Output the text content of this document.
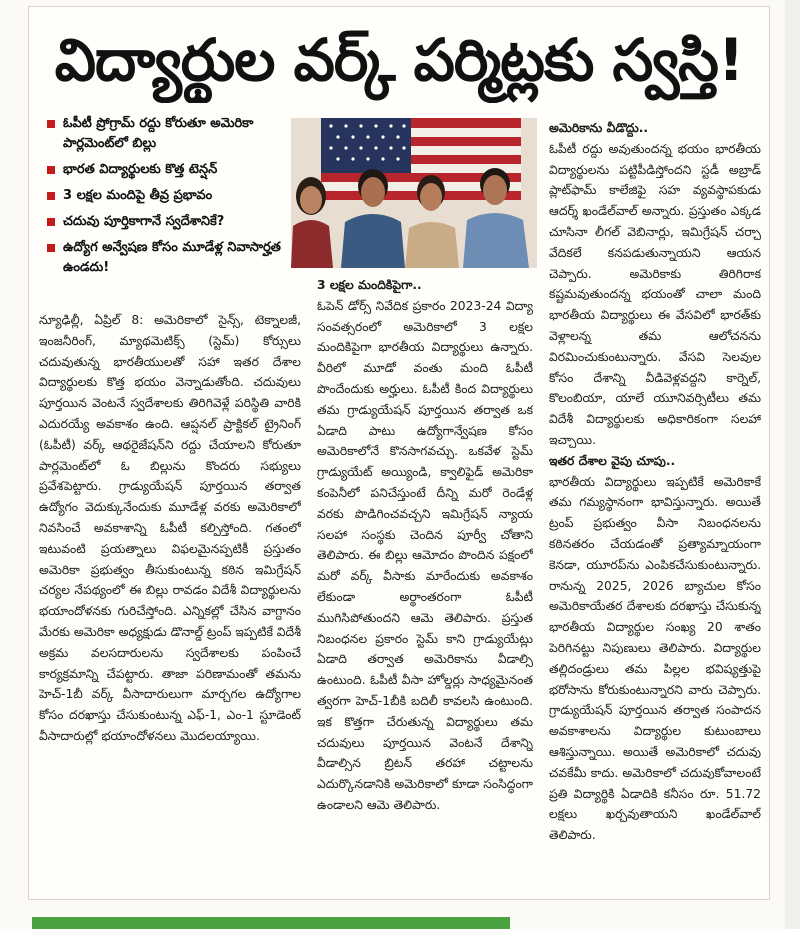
విద్యార్థుల వర్క్ పర్మిట్లకు స్వస్తి!
ఓపీటీ ప్రోగ్రామ్ రద్దు కోరుతూ అమెరికా పార్లమెంట్‌లో బిల్లు
భారత విద్యార్థులకు కొత్త టెన్షన్
3 లక్షల మందిపై తీవ్ర ప్రభావం
చదువు పూర్తికాగానే స్వదేశానికే?
ఉద్యోగ అన్వేషణ కోసం మూడేళ్ల నివాసార్హత ఉండదు!

న్యూఢిల్లీ, ఏప్రిల్ 8: అమెరికాలో సైన్స్, టెక్నాలజీ, ఇంజనీరింగ్, మ్యాథమెటిక్స్ (స్టెమ్) కోర్సులు చదువుతున్న భారతీయులతో సహా ఇతర దేశాల విద్యార్థులకు కొత్త భయం వెన్నాడుతోంది. చదువులు పూర్తయిన వెంటనే స్వదేశాలకు తిరిగివెళ్లే పరిస్థితి వారికి ఎదురయ్యే అవకాశం ఉంది. ఆప్షనల్ ప్రాక్టికల్ ట్రైనింగ్ (ఓపీటీ) వర్క్ ఆథరైజేషన్‌ని రద్దు చేయాలని కోరుతూ పార్లమెంట్‌లో ఓ బిల్లును కొందరు సభ్యులు ప్రవేశపెట్టారు. గ్రాడ్యుయేషన్ పూర్తయిన తర్వాత ఉద్యోగం వెదుక్కునేందుకు మూడేళ్ల వరకు అమెరికాలో నివసించే అవకాశాన్ని ఓపీటీ కల్పిస్తోంది. గతంలో ఇటువంటి ప్రయత్నాలు విఫలమైనప్పటికీ ప్రస్తుతం అమెరికా ప్రభుత్వం తీసుకుంటున్న కఠిన ఇమిగ్రేషన్ చర్యల నేపథ్యంలో ఈ బిల్లు రావడం విదేశీ విద్యార్థులను భయాందోళనకు గురిచేస్తోంది. ఎన్నికల్లో చేసిన వాగ్దానం మేరకు అమెరికా అధ్యక్షుడు డొనాల్డ్ ట్రంప్ ఇప్పటికే విదేశీ అక్రమ వలసదారులను స్వదేశాలకు పంపించే కార్యక్రమాన్ని చేపట్టారు. తాజా పరిణామంతో తమను హెచ్-1బీ వర్క్ వీసాదారులుగా మార్చగల ఉద్యోగాల కోసం దరఖాస్తు చేసుకుంటున్న ఎఫ్-1, ఎం-1 స్టూడెంట్ వీసాదారుల్లో భయాందోళనలు మొదలయ్యాయి.

3 లక్షల మందికిపైగా..

ఓపెన్ డోర్స్ నివేదిక ప్రకారం 2023-24 విద్యా సంవత్సరంలో అమెరికాలో 3 లక్షల మందికిపైగా భారతీయ విద్యార్థులు ఉన్నారు. వీరిలో మూడో వంతు మంది ఓపీటీ పొందేందుకు అర్హులు. ఓపీటీ కింద విద్యార్థులు తమ గ్రాడ్యుయేషన్ పూర్తయిన తర్వాత ఒక ఏడాది పాటు ఉద్యోగాన్వేషణ కోసం అమెరికాలోనే కొనసాగవచ్చు. ఒకవేళ స్టెమ్ గ్రాడ్యుయేట్ అయ్యిండి, క్వాలిఫైడ్ అమెరికా కంపెనీలో పనిచేస్తుంటే దీన్ని మరో రెండేళ్ల వరకు పొడిగించవచ్చని ఇమిగ్రేషన్ న్యాయ సలహా సంస్థకు చెందిన పూర్వీ చోతాని తెలిపారు. ఈ బిల్లు ఆమోదం పొందిన పక్షంలో మరో వర్క్ వీసాకు మారేందుకు అవకాశం లేకుండా అర్థాంతరంగా ఓపీటీ ముగిసిపోతుందని ఆమె తెలిపారు. ప్రస్తుత నిబంధనల ప్రకారం స్టెమ్ కాని గ్రాడ్యుయేట్లు ఏడాది తర్వాత అమెరికాను వీడాల్సి ఉంటుంది. ఓపీటీ వీసా హోల్డర్లు సాధ్యమైనంత త్వరగా హెచ్-1బీకి బదిలీ కావలసి ఉంటుంది. ఇక కొత్తగా చేరుతున్న విద్యార్థులు తమ చదువులు పూర్తయిన వెంటనే దేశాన్ని వీడాల్సిన బ్రిటన్ తరహా చట్టాలను ఎదుర్కొనడానికి అమెరికాలో కూడా సంసిద్ధంగా ఉండాలని ఆమె తెలిపారు.

అమెరికాను వీడొద్దు..

ఓపీటీ రద్దు అవుతుందన్న భయం భారతీయ విద్యార్థులను పట్టిపీడిస్తోందని స్టడీ అబ్రాడ్ ప్లాట్‌ఫామ్ కాలేజిఫై సహ వ్యవస్థాపకుడు ఆదర్శ్ ఖండేల్‌వాల్ అన్నారు. ప్రస్తుతం ఎక్కడ చూసినా లీగల్ వెబినార్లు, ఇమిగ్రేషన్ చర్చా వేదికలే కనపడుతున్నాయని ఆయన చెప్పారు. అమెరికాకు తిరిగిరాక కష్టమవుతుందన్న భయంతో చాలా మంది భారతీయ విద్యార్థులు ఈ వేసవిలో భారత్‌కు వెళ్లాలన్న తమ ఆలోచనను విరమించుకుంటున్నారు. వేసవి సెలవుల కోసం దేశాన్ని వీడివెళ్లవద్దని కార్నెల్, కొలంబియా, యాలే యూనివర్సిటీలు తమ విదేశీ విద్యార్థులకు అధికారికంగా సలహా ఇచ్చాయి.

ఇతర దేశాల వైపు చూపు..

భారతీయ విద్యార్థులు ఇప్పటికే అమెరికాకే తమ గమ్యస్థానంగా భావిస్తున్నారు. అయితే ట్రంప్ ప్రభుత్వం వీసా నిబంధనలను కఠినతరం చేయడంతో ప్రత్యామ్నాయంగా కెనడా, యూరప్‌ను ఎంపికచేసుకుంటున్నారు. రానున్న 2025, 2026 బ్యాచుల కోసం అమెరికాయేతర దేశాలకు దరఖాస్తు చేసుకున్న భారతీయ విద్యార్థుల సంఖ్య 20 శాతం పెరిగినట్టు నిపుణులు తెలిపారు. విద్యార్థుల తల్లిదండ్రులు తమ పిల్లల భవిష్యత్తుపై భరోసాను కోరుకుంటున్నారని వారు చెప్పారు. గ్రాడ్యుయేషన్ పూర్తయిన తర్వాత సంపాదన అవకాశాలను విద్యార్థుల కుటుంబాలు ఆశిస్తున్నాయి. అయితే అమెరికాలో చదువు చవకేమీ కాదు. అమెరికాలో చదువుకోవాలంటే ప్రతి విద్యార్థికి ఏడాదికి కనీసం రూ. 51.72 లక్షలు ఖర్చవుతాయని ఖండేల్‌వాల్ తెలిపారు.
